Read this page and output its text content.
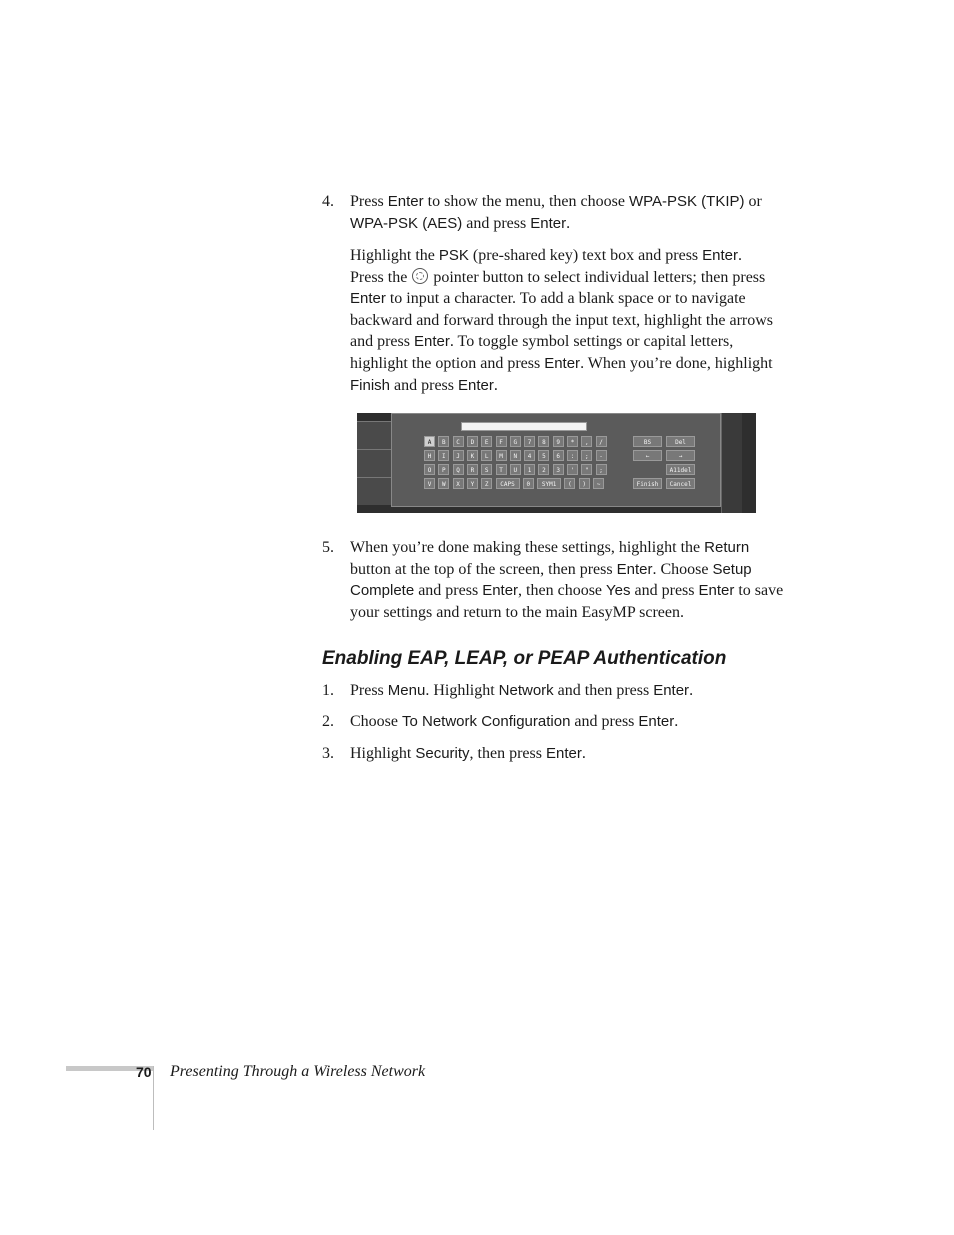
4. Press Enter to show the menu, then choose WPA-PSK (TKIP) or WPA-PSK (AES) and press Enter.
Highlight the PSK (pre-shared key) text box and press Enter.
Press the  pointer button to select individual letters; then press Enter to input a character. To add a blank space or to navigate backward and forward through the input text, highlight the arrows and press Enter. To toggle symbol settings or capital letters, highlight the option and press Enter. When you’re done, highlight Finish and press Enter.
A	B	C	D	E	F	G	7	8	9	*	,	/
H	I	J	K	L	M	N	4	5	6	:	;	-
O	P	Q	R	S	T	U	1	2	3	'	"	;
V	W	X	Y	Z	CAPS	0	SYM1	(	)	~
BS	Del
←	→
A11del
Finish	Cancel
5. When you’re done making these settings, highlight the Return button at the top of the screen, then press Enter. Choose Setup Complete and press Enter, then choose Yes and press Enter to save your settings and return to the main EasyMP screen.
Enabling EAP, LEAP, or PEAP Authentication
1. Press Menu. Highlight Network and then press Enter.
2. Choose To Network Configuration and press Enter.
3. Highlight Security, then press Enter.
70 Presenting Through a Wireless Network
